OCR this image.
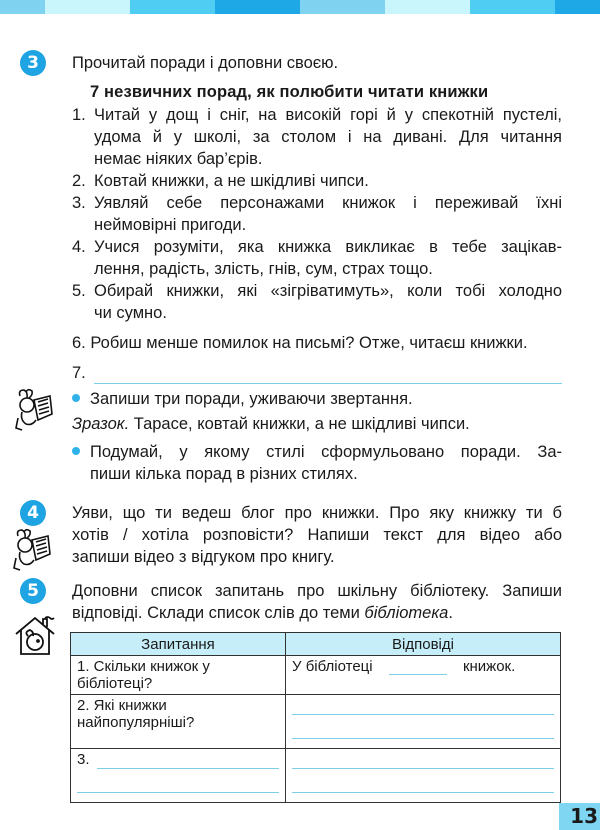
3	Прочитай поради і доповни своєю.
7 незвичних порад, як полюбити читати книжки
1. Читай у дощ і сніг, на високій горі й у спекотній пустелі,
удома й у школі, за столом і на дивані. Для читання
немає ніяких бар’єрів.
2. Ковтай книжки, а не шкідливі чипси.
3. Уявляй себе персонажами книжок і переживай їхні
неймовірні пригоди.
4. Учися розуміти, яка книжка викликає в тебе зацікав-
лення, радість, злість, гнів, сум, страх тощо.
5. Обирай книжки, які «зігріватимуть», коли тобі холодно
чи сумно.
6. Робиш менше помилок на письмі? Отже, читаєш книжки.
7.
Запиши три поради, уживаючи звертання.
Зразок. Тарасе, ковтай книжки, а не шкідливі чипси.
Подумай, у якому стилі сформульовано поради. За-
пиши кілька порад в різних стилях.
4	Уяви, що ти ведеш блог про книжки. Про яку книжку ти б
хотів / хотіла розповісти? Напиши текст для відео або
запиши відео з відгуком про книгу.
5	Доповни список запитань про шкільну бібліотеку. Запиши
відповіді. Склади список слів до теми бібліотека.
Запитання	Відповіді
1. Скільки книжок у бібліотеці?	У бібліотеці книжок.
2. Які книжки найпопулярніші?	

3.

13
